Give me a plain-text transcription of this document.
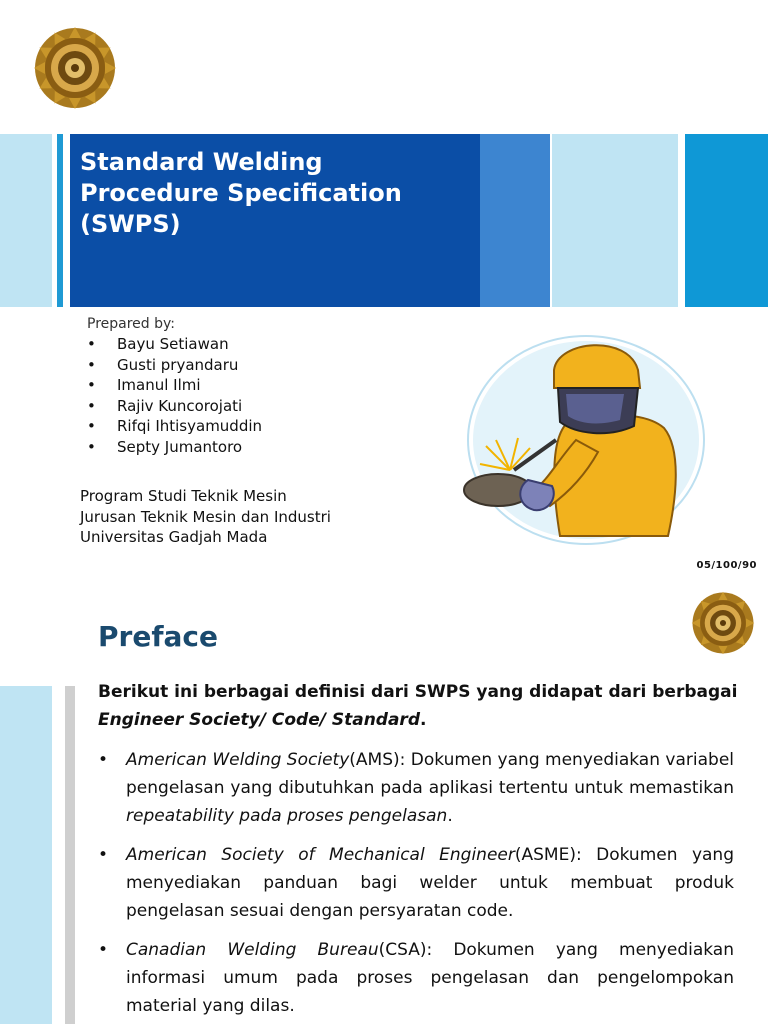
Standard Welding Procedure Specification (SWPS)
Prepared by:
•	Bayu Setiawan
•	Gusti pryandaru
•	Imanul Ilmi
•	Rajiv Kuncorojati
•	Rifqi Ihtisyamuddin
•	Septy Jumantoro
Program Studi Teknik Mesin
Jurusan Teknik Mesin dan Industri
Universitas Gadjah Mada
05/100/90
Preface

Berikut ini berbagai definisi dari SWPS yang didapat dari berbagai Engineer Society/ Code/ Standard.

•	American Welding Society(AMS): Dokumen yang menyediakan variabel pengelasan yang dibutuhkan pada aplikasi tertentu untuk memastikan repeatability pada proses pengelasan.
•	American Society of Mechanical Engineer(ASME): Dokumen yang menyediakan panduan bagi welder untuk membuat produk pengelasan sesuai dengan persyaratan code.
•	Canadian Welding Bureau(CSA): Dokumen yang menyediakan informasi umum pada proses pengelasan dan pengelompokan material yang dilas.
